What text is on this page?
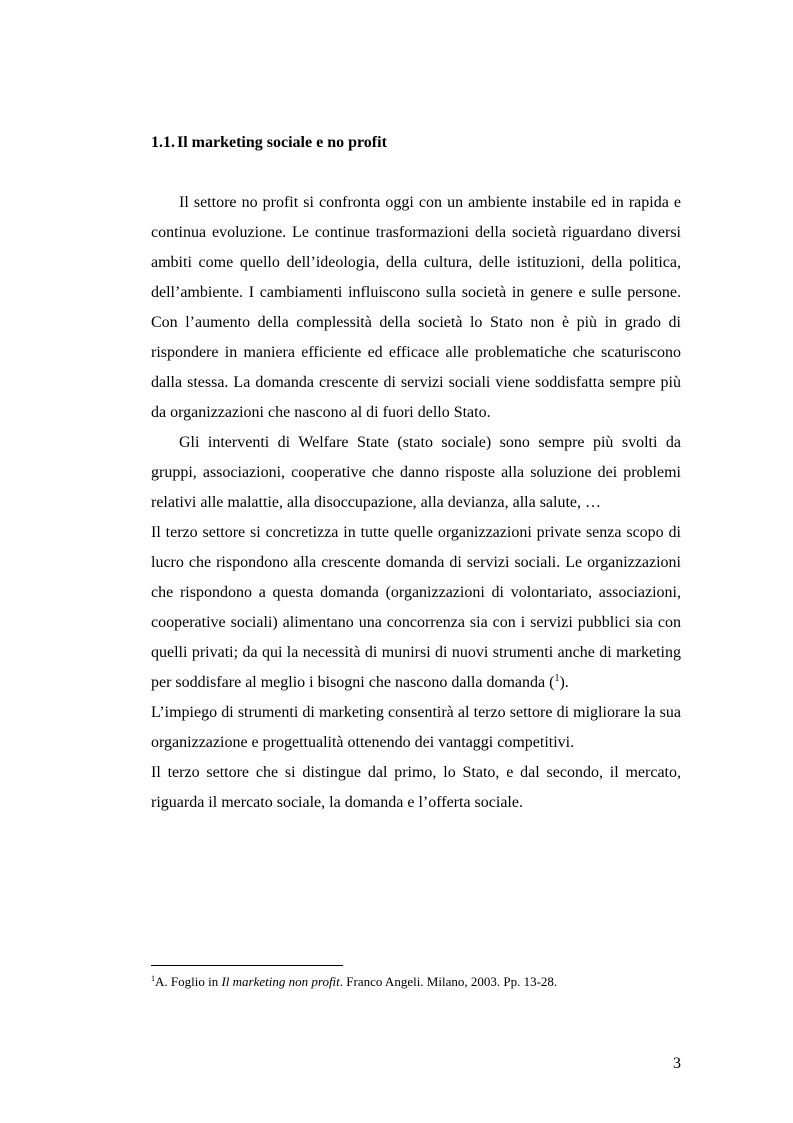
1.1. Il marketing sociale e no profit

Il settore no profit si confronta oggi con un ambiente instabile ed in rapida e continua evoluzione. Le continue trasformazioni della società riguardano diversi ambiti come quello dell’ideologia, della cultura, delle istituzioni, della politica, dell’ambiente. I cambiamenti influiscono sulla società in genere e sulle persone. Con l’aumento della complessità della società lo Stato non è più in grado di rispondere in maniera efficiente ed efficace alle problematiche che scaturiscono dalla stessa. La domanda crescente di servizi sociali viene soddisfatta sempre più da organizzazioni che nascono al di fuori dello Stato.

Gli interventi di Welfare State (stato sociale) sono sempre più svolti da gruppi, associazioni, cooperative che danno risposte alla soluzione dei problemi relativi alle malattie, alla disoccupazione, alla devianza, alla salute, …

Il terzo settore si concretizza in tutte quelle organizzazioni private senza scopo di lucro che rispondono alla crescente domanda di servizi sociali. Le organizzazioni che rispondono a questa domanda (organizzazioni di volontariato, associazioni, cooperative sociali) alimentano una concorrenza sia con i servizi pubblici sia con quelli privati; da qui la necessità di munirsi di nuovi strumenti anche di marketing per soddisfare al meglio i bisogni che nascono dalla domanda ($^1$).

L’impiego di strumenti di marketing consentirà al terzo settore di migliorare la sua organizzazione e progettualità ottenendo dei vantaggi competitivi.

Il terzo settore che si distingue dal primo, lo Stato, e dal secondo, il mercato, riguarda il mercato sociale, la domanda e l’offerta sociale.

$^1$A. Foglio in Il marketing non profit. Franco Angeli. Milano, 2003. Pp. 13-28.
3
